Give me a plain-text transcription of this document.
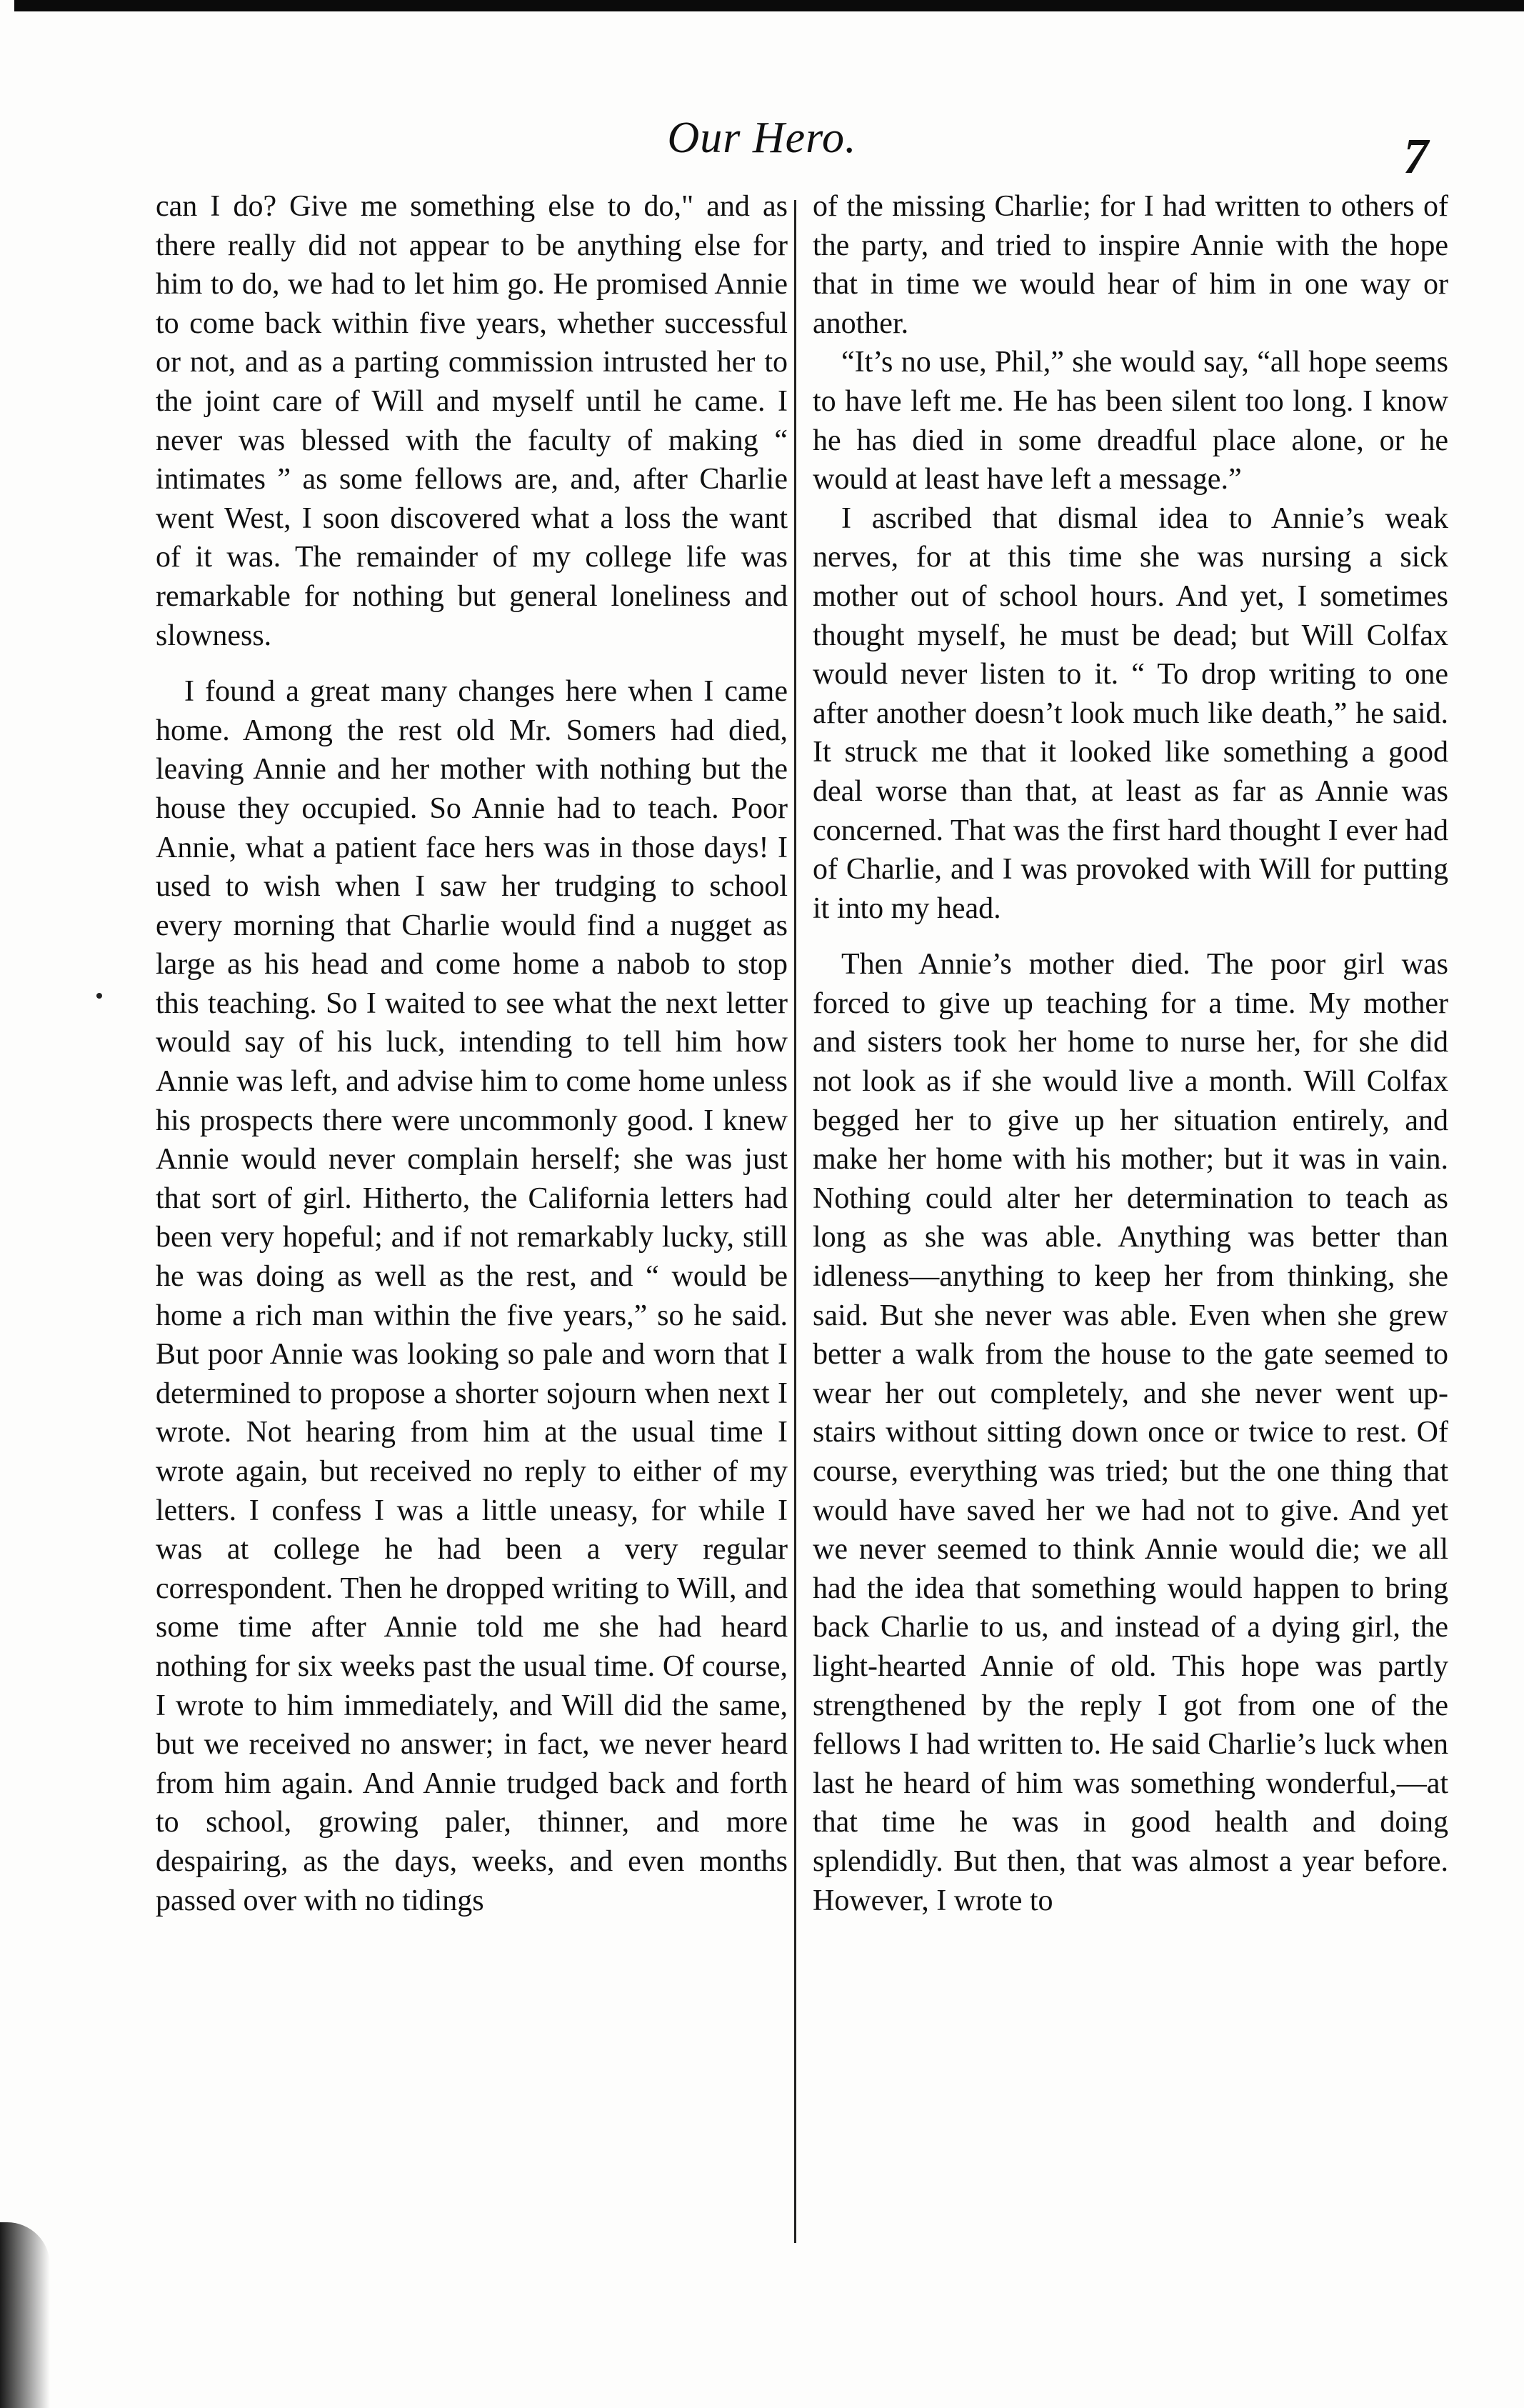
Our Hero.	7

can I do? Give me something else to do," and as there really did not appear to be anything else for him to do, we had to let him go. He promised Annie to come back within five years, whether successful or not, and as a parting commission intrusted her to the joint care of Will and myself until he came. I never was blessed with the faculty of making “ intimates ” as some fellows are, and, after Charlie went West, I soon discovered what a loss the want of it was. The remainder of my college life was remarkable for nothing but general loneliness and slowness.

I found a great many changes here when I came home. Among the rest old Mr. Somers had died, leaving Annie and her mother with nothing but the house they occupied. So Annie had to teach. Poor Annie, what a patient face hers was in those days! I used to wish when I saw her trudging to school every morning that Charlie would find a nugget as large as his head and come home a nabob to stop this teaching. So I waited to see what the next letter would say of his luck, intending to tell him how Annie was left, and advise him to come home unless his prospects there were uncommonly good. I knew Annie would never complain herself; she was just that sort of girl. Hitherto, the California letters had been very hopeful; and if not remarkably lucky, still he was doing as well as the rest, and “ would be home a rich man within the five years,” so he said. But poor Annie was looking so pale and worn that I determined to propose a shorter sojourn when next I wrote. Not hearing from him at the usual time I wrote again, but received no reply to either of my letters. I confess I was a little uneasy, for while I was at college he had been a very regular correspondent. Then he dropped writing to Will, and some time after Annie told me she had heard nothing for six weeks past the usual time. Of course, I wrote to him immediately, and Will did the same, but we received no answer; in fact, we never heard from him again. And Annie trudged back and forth to school, growing paler, thinner, and more despairing, as the days, weeks, and even months passed over with no tidings

of the missing Charlie; for I had written to others of the party, and tried to inspire Annie with the hope that in time we would hear of him in one way or another.

“It’s no use, Phil,” she would say, “all hope seems to have left me. He has been silent too long. I know he has died in some dreadful place alone, or he would at least have left a message.”

I ascribed that dismal idea to Annie’s weak nerves, for at this time she was nursing a sick mother out of school hours. And yet, I sometimes thought myself, he must be dead; but Will Colfax would never listen to it. “ To drop writing to one after another doesn’t look much like death,” he said. It struck me that it looked like something a good deal worse than that, at least as far as Annie was concerned. That was the first hard thought I ever had of Charlie, and I was provoked with Will for putting it into my head.

Then Annie’s mother died. The poor girl was forced to give up teaching for a time. My mother and sisters took her home to nurse her, for she did not look as if she would live a month. Will Colfax begged her to give up her situation entirely, and make her home with his mother; but it was in vain. Nothing could alter her determination to teach as long as she was able. Anything was better than idleness—anything to keep her from thinking, she said. But she never was able. Even when she grew better a walk from the house to the gate seemed to wear her out completely, and she never went up-stairs without sitting down once or twice to rest. Of course, everything was tried; but the one thing that would have saved her we had not to give. And yet we never seemed to think Annie would die; we all had the idea that something would happen to bring back Charlie to us, and instead of a dying girl, the light-hearted Annie of old. This hope was partly strengthened by the reply I got from one of the fellows I had written to. He said Charlie’s luck when last he heard of him was something wonderful,—at that time he was in good health and doing splendidly. But then, that was almost a year before. However, I wrote to
